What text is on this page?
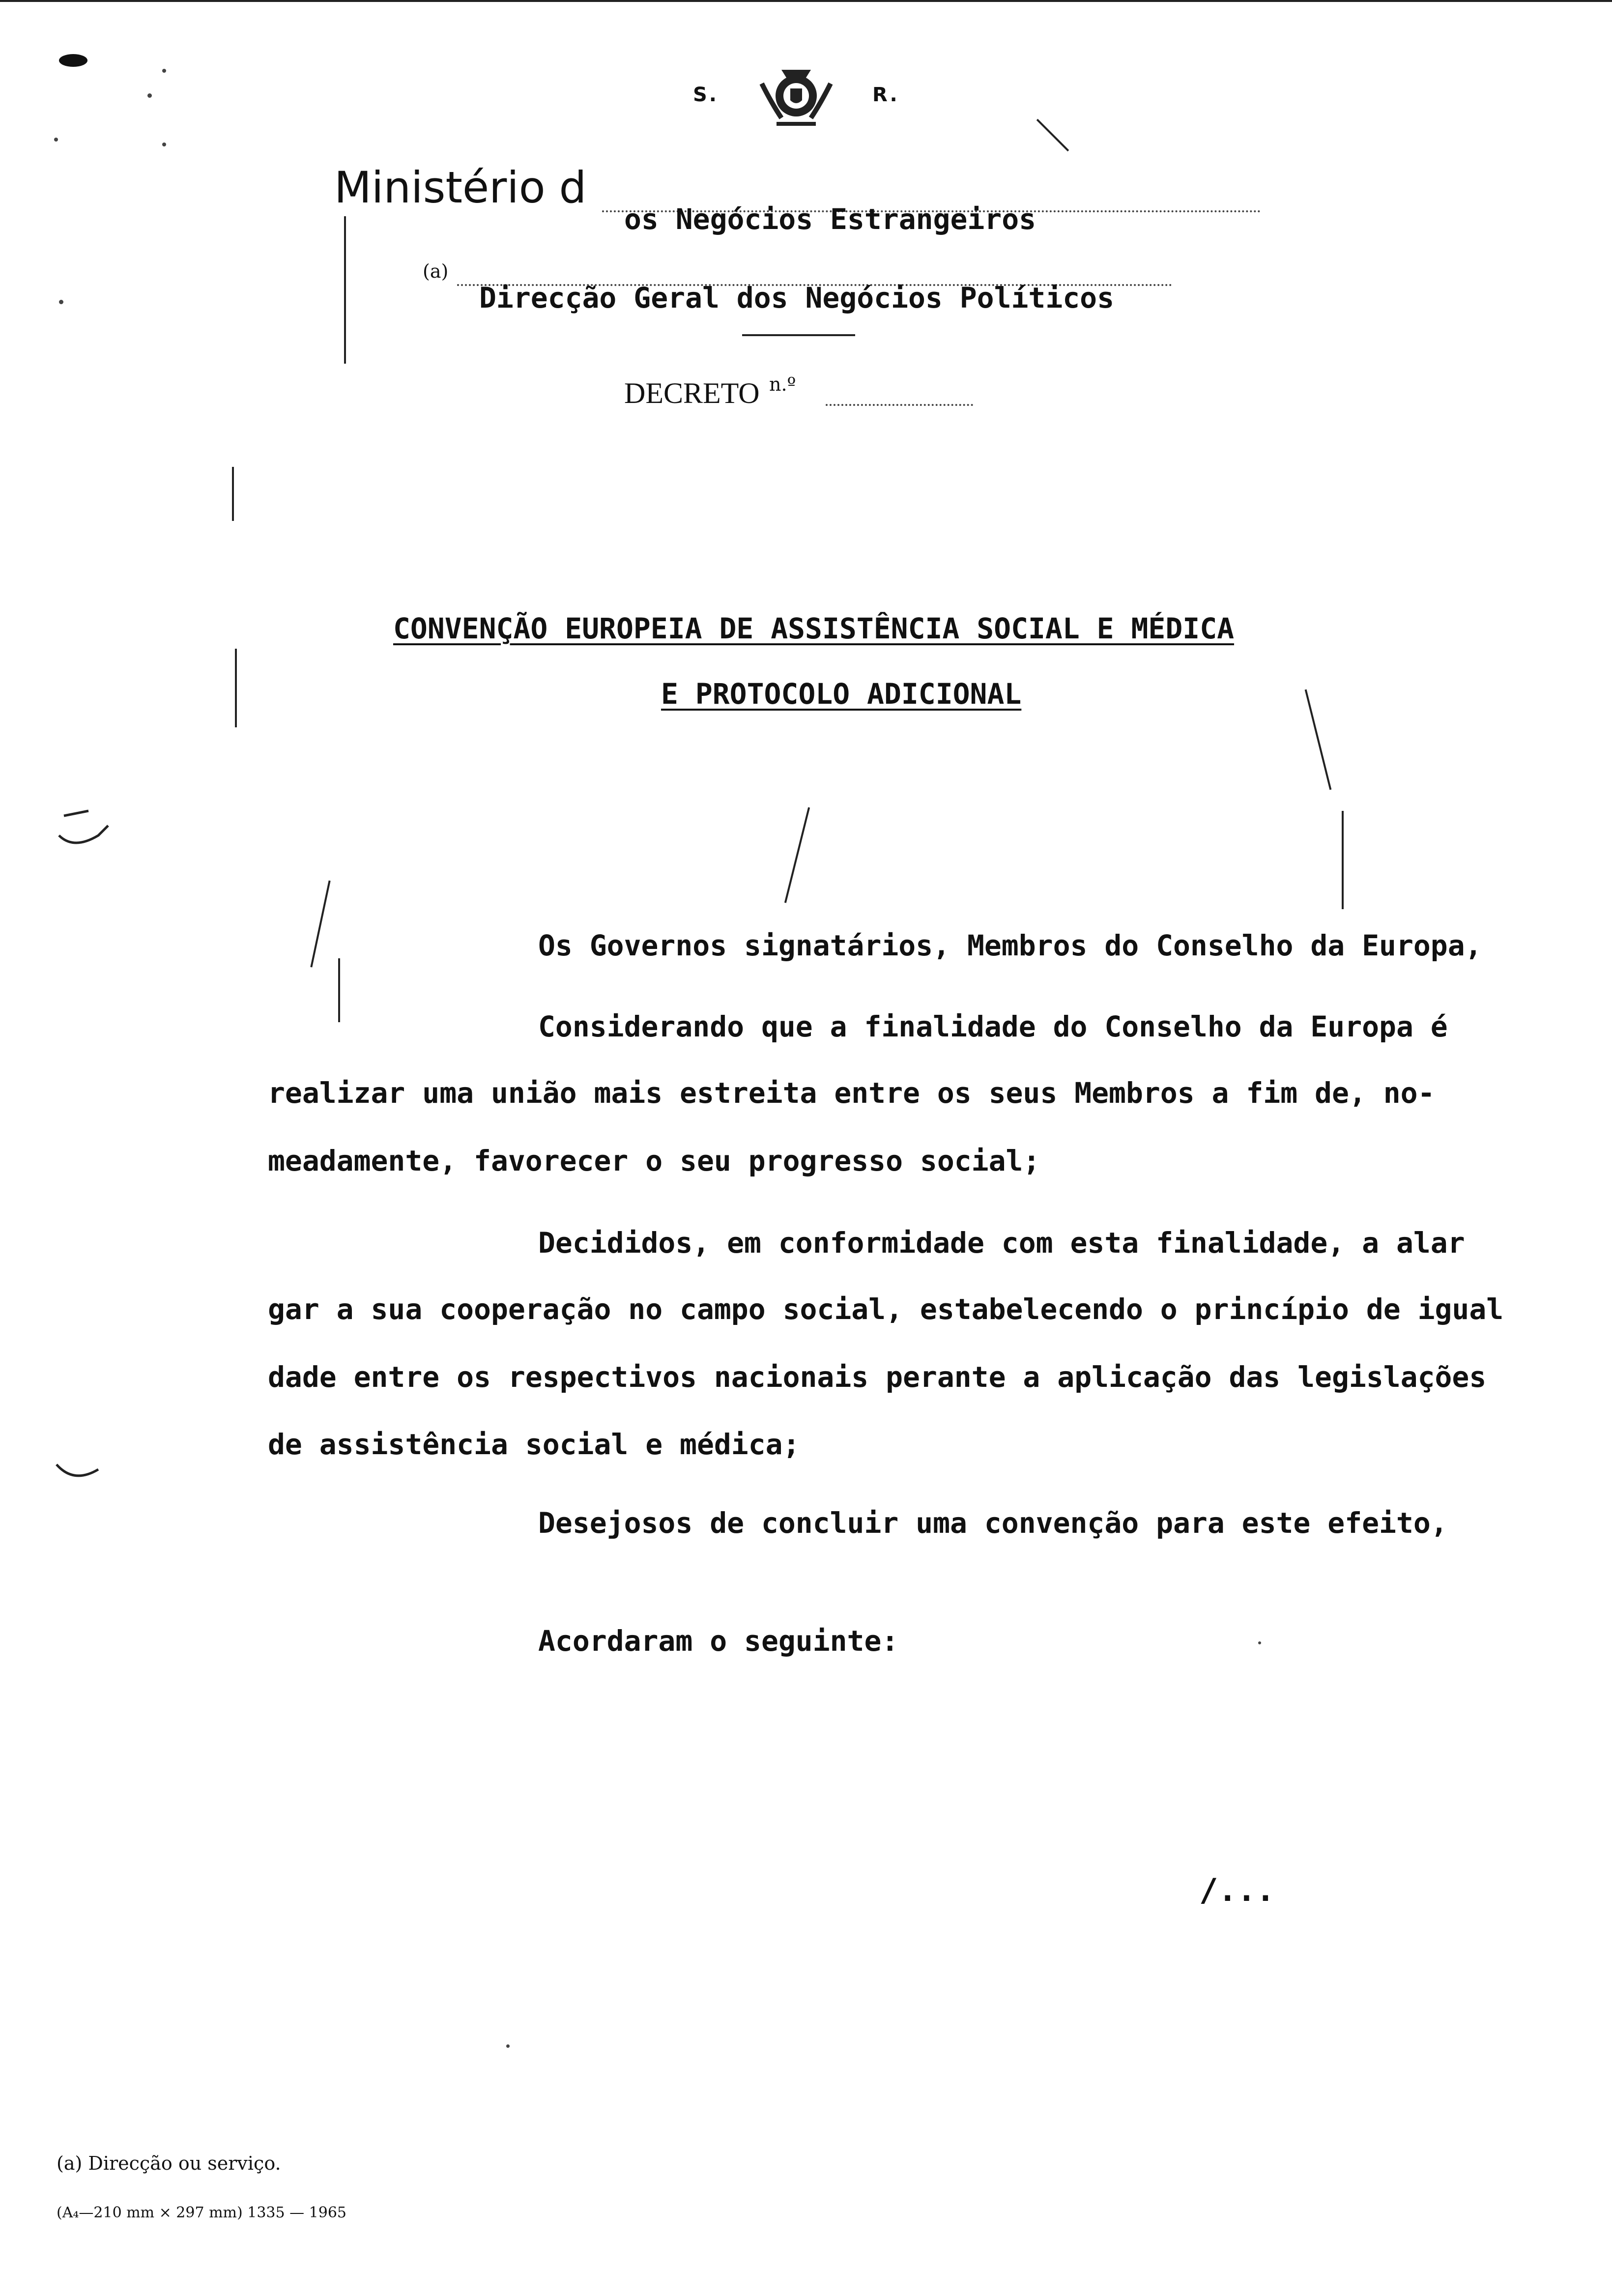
S.	R.
Ministério d
os Negócios Estrangeiros
(a)
Direcção Geral dos Negócios Políticos
DECRETO n.º
CONVENÇÃO EUROPEIA DE ASSISTÊNCIA SOCIAL E MÉDICA
E PROTOCOLO ADICIONAL
Os Governos signatários, Membros do Conselho da Europa,
Considerando que a finalidade do Conselho da Europa é
realizar uma união mais estreita entre os seus Membros a fim de, no-
meadamente, favorecer o seu progresso social;
Decididos, em conformidade com esta finalidade, a alar
gar a sua cooperação no campo social, estabelecendo o princípio de igual
dade entre os respectivos nacionais perante a aplicação das legislações
de assistência social e médica;
Desejosos de concluir uma convenção para este efeito,
Acordaram o seguinte:
/...
(a) Direcção ou serviço.
(A₄—210 mm × 297 mm) 1335 — 1965
